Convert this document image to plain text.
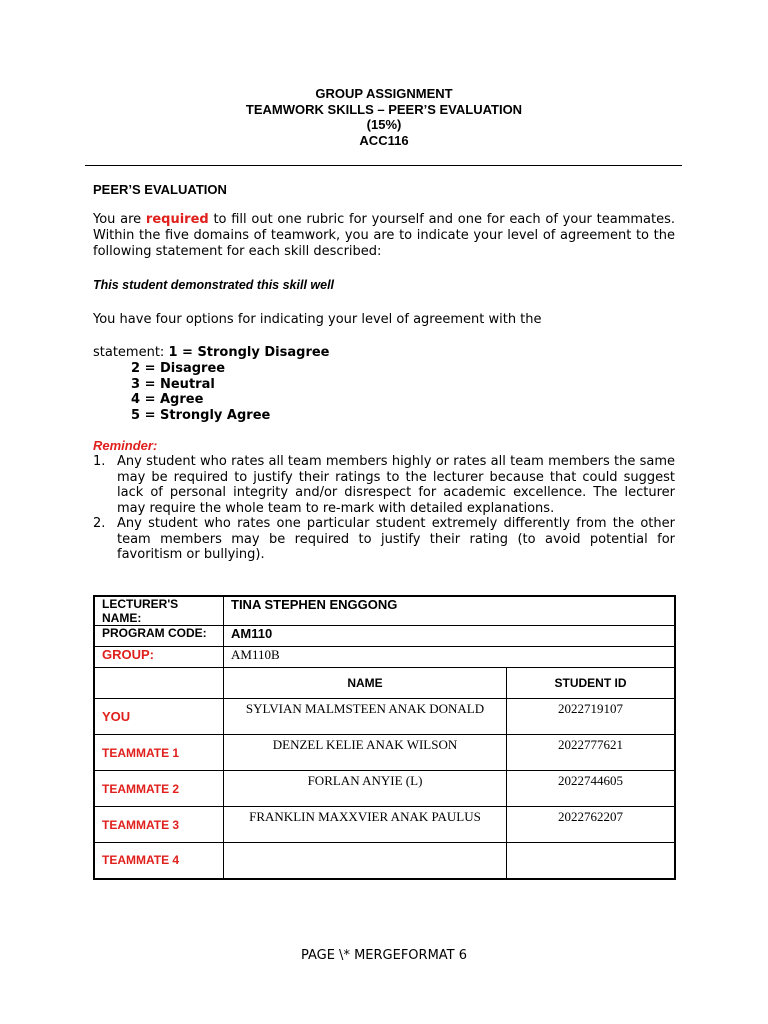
GROUP ASSIGNMENT
TEAMWORK SKILLS – PEER’S EVALUATION
(15%)
ACC116
PEER’S EVALUATION
You are required to fill out one rubric for yourself and one for each of your teammates. Within the five domains of teamwork, you are to indicate your level of agreement to the following statement for each skill described:
This student demonstrated this skill well
You have four options for indicating your level of agreement with the
statement: 1 = Strongly Disagree
2 = Disagree
3 = Neutral
4 = Agree
5 = Strongly Agree
Reminder:
1. Any student who rates all team members highly or rates all team members the same may be required to justify their ratings to the lecturer because that could suggest lack of personal integrity and/or disrespect for academic excellence. The lecturer may require the whole team to re-mark with detailed explanations.
2. Any student who rates one particular student extremely differently from the other team members may be required to justify their rating (to avoid potential for favoritism or bullying).
LECTURER'S NAME:	TINA STEPHEN ENGGONG	
PROGRAM CODE:	AM110	
GROUP:	AM110B	
	NAME	STUDENT ID
YOU	SYLVIAN MALMSTEEN ANAK DONALD	2022719107
TEAMMATE 1	DENZEL KELIE ANAK WILSON	2022777621
TEAMMATE 2	FORLAN ANYIE (L)	2022744605
TEAMMATE 3	FRANKLIN MAXXVIER ANAK PAULUS	2022762207
TEAMMATE 4		
PAGE \* MERGEFORMAT 6
